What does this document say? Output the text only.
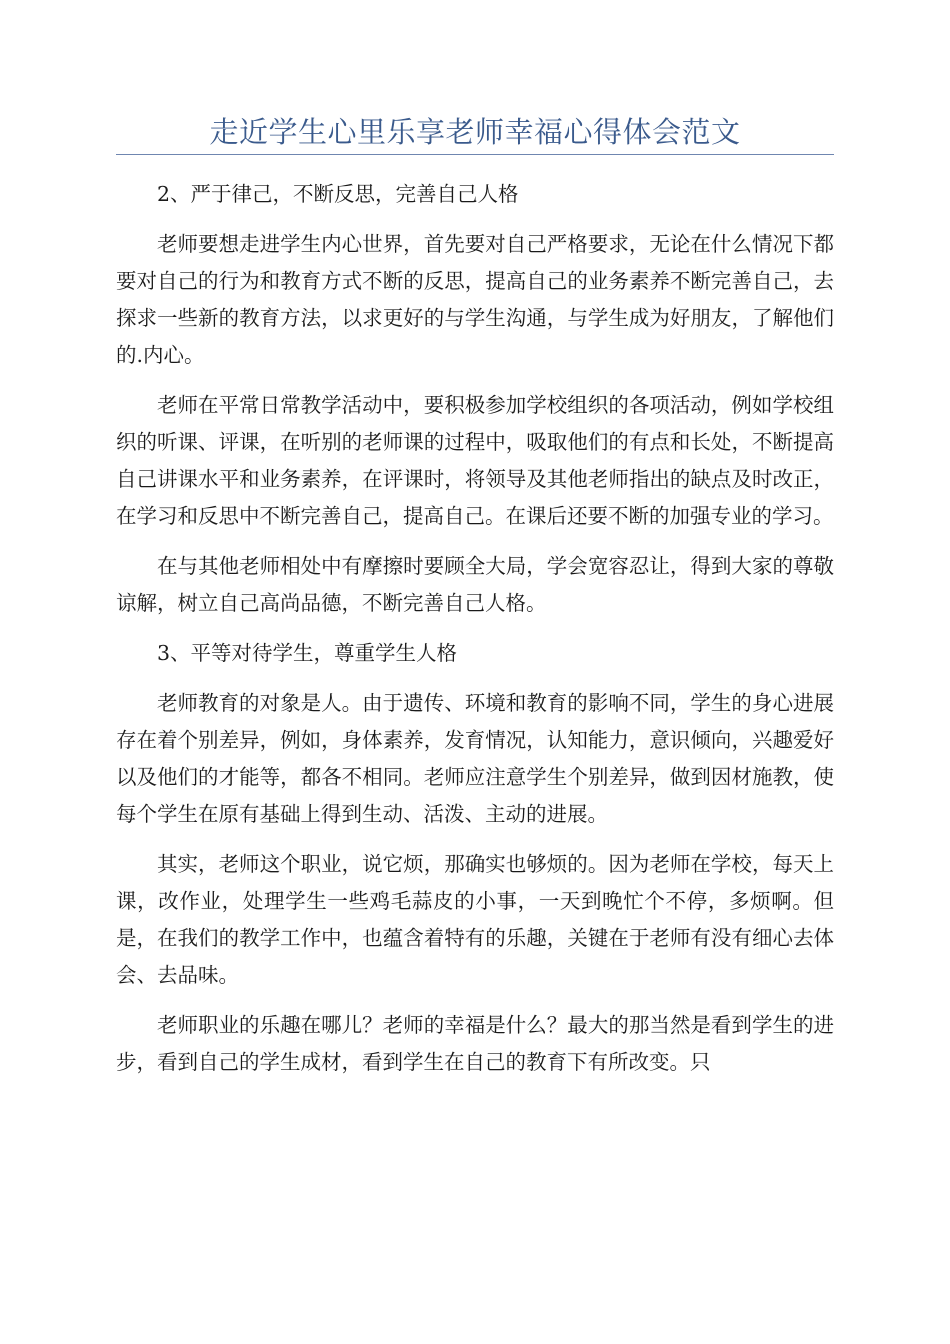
走近学生心里乐享老师幸福心得体会范文

2、严于律己，不断反思，完善自己人格

老师要想走进学生内心世界，首先要对自己严格要求，无论在什么情况下都要对自己的行为和教育方式不断的反思，提高自己的业务素养不断完善自己，去探求一些新的教育方法，以求更好的与学生沟通，与学生成为好朋友，了解他们的.内心。

老师在平常日常教学活动中，要积极参加学校组织的各项活动，例如学校组织的听课、评课，在听别的老师课的过程中，吸取他们的有点和长处，不断提高自己讲课水平和业务素养，在评课时，将领导及其他老师指出的缺点及时改正，在学习和反思中不断完善自己，提高自己。在课后还要不断的加强专业的学习。

在与其他老师相处中有摩擦时要顾全大局，学会宽容忍让，得到大家的尊敬谅解，树立自己高尚品德，不断完善自己人格。

3、平等对待学生，尊重学生人格

老师教育的对象是人。由于遗传、环境和教育的影响不同，学生的身心进展存在着个别差异，例如，身体素养，发育情况，认知能力，意识倾向，兴趣爱好以及他们的才能等，都各不相同。老师应注意学生个别差异，做到因材施教，使每个学生在原有基础上得到生动、活泼、主动的进展。

其实，老师这个职业，说它烦，那确实也够烦的。因为老师在学校，每天上课，改作业，处理学生一些鸡毛蒜皮的小事，一天到晚忙个不停，多烦啊。但是，在我们的教学工作中，也蕴含着特有的乐趣，关键在于老师有没有细心去体会、去品味。

老师职业的乐趣在哪儿？老师的幸福是什么？最大的那当然是看到学生的进步，看到自己的学生成材，看到学生在自己的教育下有所改变。只
